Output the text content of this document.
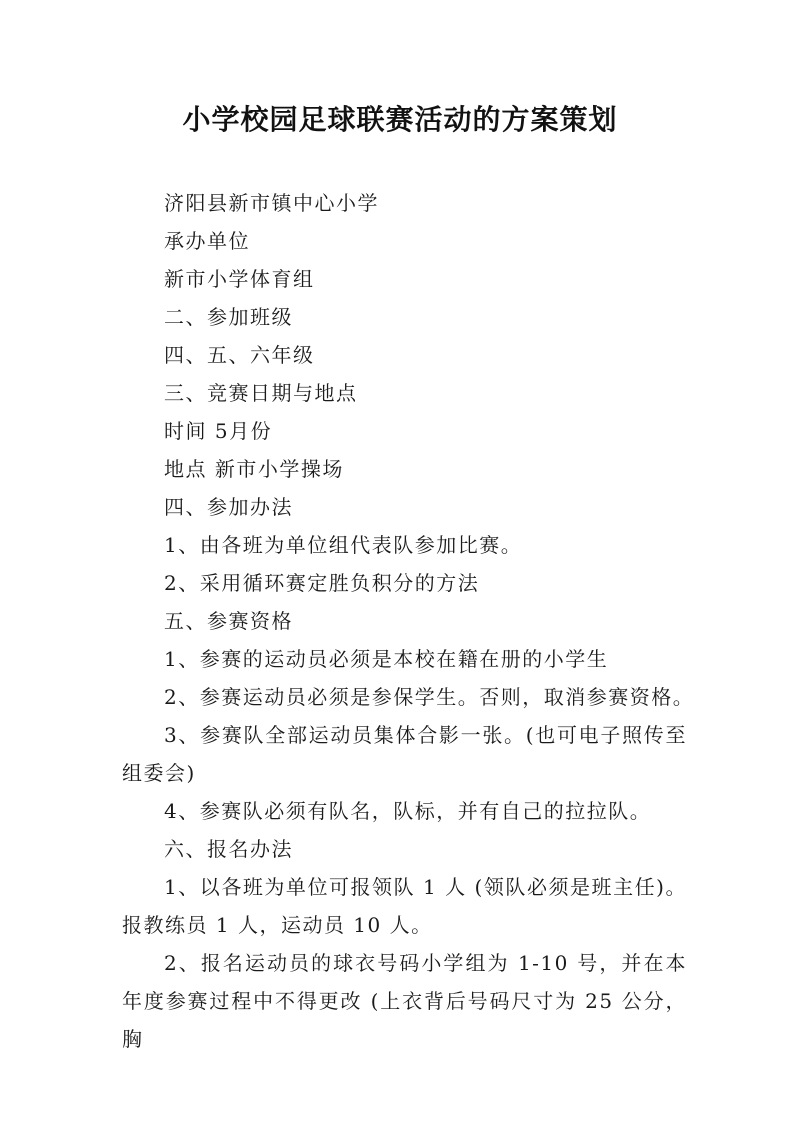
小学校园足球联赛活动的方案策划

济阳县新市镇中心小学

承办单位

新市小学体育组

二、参加班级

四、五、六年级

三、竞赛日期与地点

时间 5月份

地点 新市小学操场

四、参加办法

1、由各班为单位组代表队参加比赛。

2、采用循环赛定胜负积分的方法

五、参赛资格

1、参赛的运动员必须是本校在籍在册的小学生

2、参赛运动员必须是参保学生。否则，取消参赛资格。

3、参赛队全部运动员集体合影一张。(也可电子照传至组委会)

4、参赛队必须有队名，队标，并有自己的拉拉队。

六、报名办法

1、以各班为单位可报领队 1 人 (领队必须是班主任)。报教练员 1 人，运动员 10 人。

2、报名运动员的球衣号码小学组为 1-10 号，并在本年度参赛过程中不得更改 (上衣背后号码尺寸为 25 公分，胸
